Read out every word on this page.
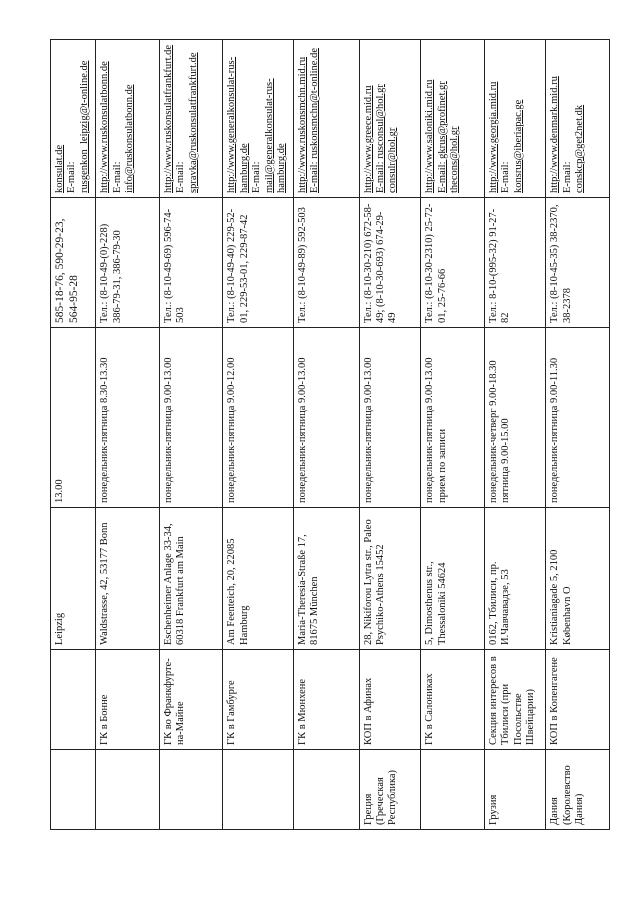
		Leipzig	13.00	585-18-76, 590-29-23, 564-95-28	konsulat.de E-mail: rusgenkon_leipzig@t-online.de

	ГК в Бонне	Waldstrasse, 42, 53177 Bonn	понедельник-пятница 8.30-13.30	Тел.: (8-10-49-(0)-228) 386-79-31, 386-79-30	http://www.ruskonsulatbonn.de E-mail: info@ruskonsulatbonn.de

	ГК во Франкфурте-на-Майне	Eschenheimer Anlage 33-34, 60318 Frankfurt am Main	понедельник-пятница 9.00-13.00	Тел.: (8-10-49-69) 596-74-503	http://www.ruskonsulatfrankfurt.de E-mail: spravka@ruskonsulatfrankfurt.de

	ГК в Гамбурге	Am Feenteich, 20, 22085 Hamburg	понедельник-пятница 9.00-12.00	Тел.: (8-10-49-40) 229-52-01, 229-53-01, 229-87-42	http://www.generalkonsulat-rus-hamburg.de E-mail: mail@generalkonsulat-rus-hamburg.de

	ГК в Мюнхене	Maria-Theresia-Straße 17, 81675 München	понедельник-пятница 9.00-13.00	Тел.: (8-10-49-89) 592-503	http://www.ruskonsmchn.mid.ru E-mail: ruskonsmchn@t-online.de

Греция (Греческая Республика)	КОП в Афинах	28, Nikiforou Lytra str., Paleo Psychiko-Athens 15452	понедельник-пятница 9.00-13.00	Тел.: (8-10-30-210) 672-58-49; (8-10-30-693) 674-29-49	http://www.greece.mid.ru E-mail: rusconsul@hol.gr consulr@hol.gr

	ГК в Салониках	5, Dimosthenus str., Thessaloniki 54624	понедельник-пятница 9.00-13.00 прием по записи	Тел.: (8-10-30-2310) 25-72-01, 25-76-66	http://www.saloniki.mid.ru E-mail: gkrus@profinet.gr thecons@hol.gr

Грузия	Секция интересов в Тбилиси (при Посольстве Швейцарии)	0162, Тбилиси, пр. И.Чавчавадзе, 53	понедельник-четверг 9.00-18.30 пятница 9.00-15.00	Тел.: 8-10-(995-32) 91-27-82	http://www.georgia.mid.ru E-mail: konsrus@iberiapac.ge

Дания (Королевство Дания)	КОП в Копенгагене	Kristianiagade 5, 2100 København O	понедельник-пятница 9.00-11.30	Тел.: (8-10-45-35) 38-2370, 38-2378	http://www.denmark.mid.ru E-mail: conskcp@get2net.dk
